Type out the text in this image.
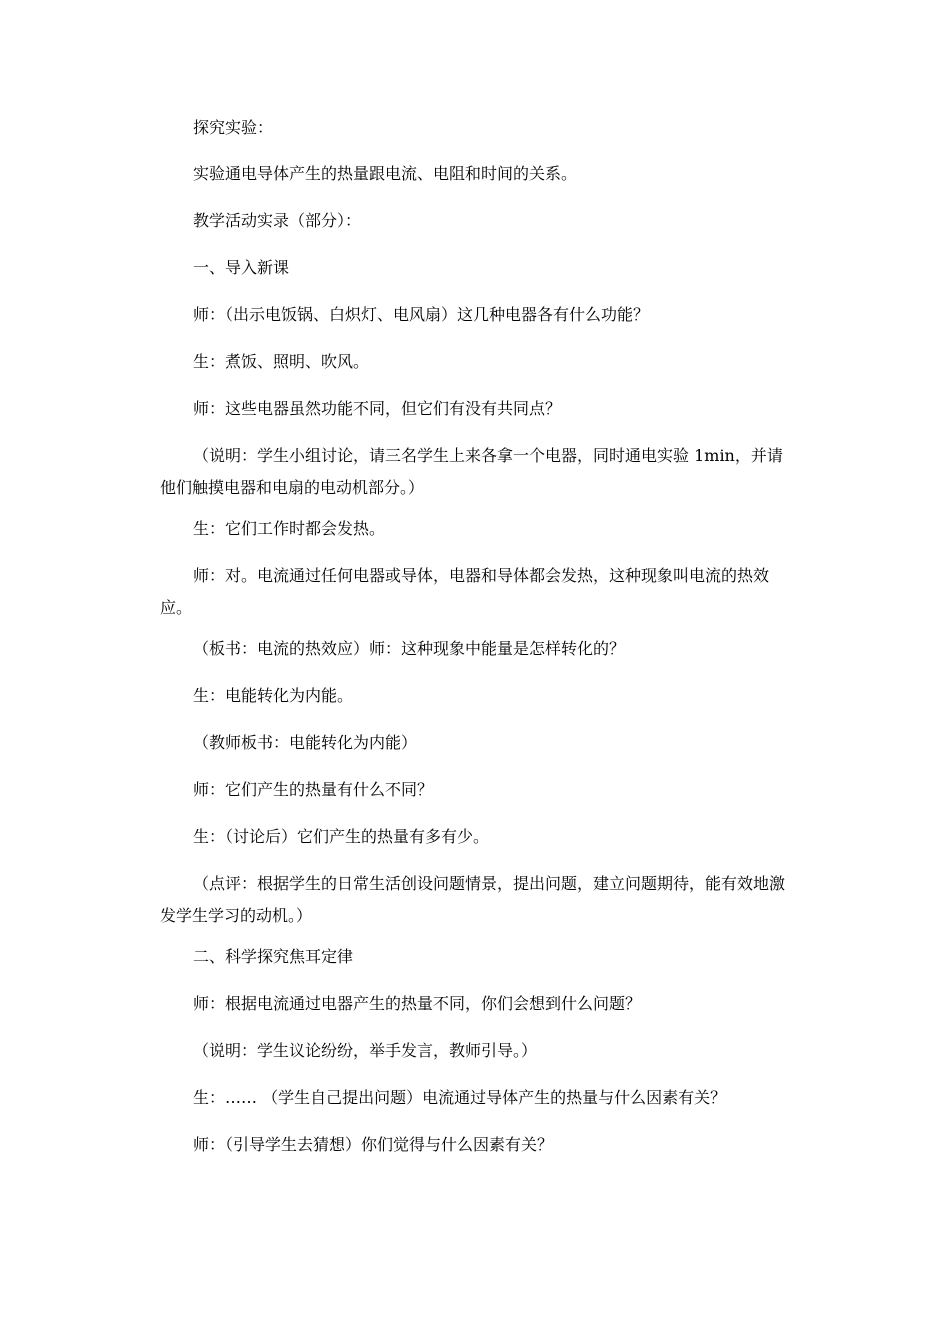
探究实验：

实验通电导体产生的热量跟电流、电阻和时间的关系。

教学活动实录（部分）：

一、导入新课

师：（出示电饭锅、白炽灯、电风扇）这几种电器各有什么功能？

生：煮饭、照明、吹风。

师：这些电器虽然功能不同，但它们有没有共同点？

（说明：学生小组讨论，请三名学生上来各拿一个电器，同时通电实验 1min，并请他们触摸电器和电扇的电动机部分。）

生：它们工作时都会发热。

师：对。电流通过任何电器或导体，电器和导体都会发热，这种现象叫电流的热效应。

（板书：电流的热效应）师：这种现象中能量是怎样转化的？

生：电能转化为内能。

（教师板书：电能转化为内能）

师：它们产生的热量有什么不同？

生：（讨论后）它们产生的热量有多有少。

（点评：根据学生的日常生活创设问题情景，提出问题，建立问题期待，能有效地激发学生学习的动机。）

二、科学探究焦耳定律

师：根据电流通过电器产生的热量不同，你们会想到什么问题？

（说明：学生议论纷纷，举手发言，教师引导。）

生：…… （学生自己提出问题）电流通过导体产生的热量与什么因素有关？

师：（引导学生去猜想）你们觉得与什么因素有关？
